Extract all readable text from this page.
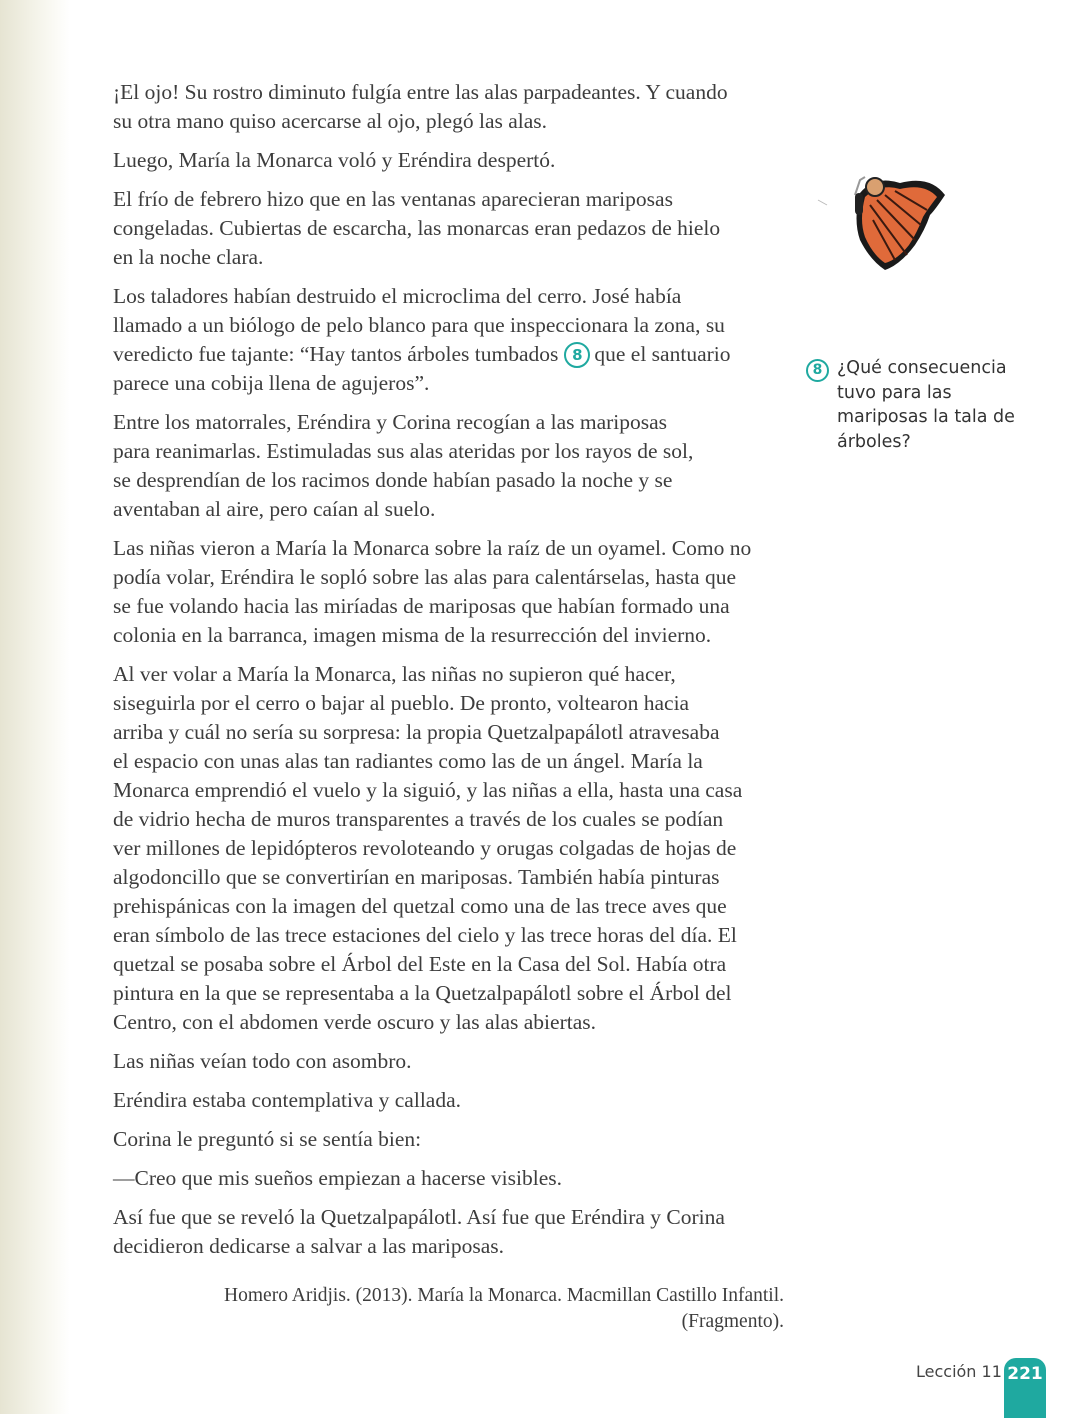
¡El ojo! Su rostro diminuto fulgía entre las alas parpadeantes. Y cuando
su otra mano quiso acercarse al ojo, plegó las alas.
Luego, María la Monarca voló y Eréndira despertó.
El frío de febrero hizo que en las ventanas aparecieran mariposas
congeladas. Cubiertas de escarcha, las monarcas eran pedazos de hielo
en la noche clara.
Los taladores habían destruido el microclima del cerro. José había
llamado a un biólogo de pelo blanco para que inspeccionara la zona, su
veredicto fue tajante: “Hay tantos árboles tumbados 8 que el santuario
parece una cobija llena de agujeros”.
Entre los matorrales, Eréndira y Corina recogían a las mariposas
para reanimarlas. Estimuladas sus alas ateridas por los rayos de sol,
se desprendían de los racimos donde habían pasado la noche y se
aventaban al aire, pero caían al suelo.
Las niñas vieron a María la Monarca sobre la raíz de un oyamel. Como no
podía volar, Eréndira le sopló sobre las alas para calentárselas, hasta que
se fue volando hacia las miríadas de mariposas que habían formado una
colonia en la barranca, imagen misma de la resurrección del invierno.
Al ver volar a María la Monarca, las niñas no supieron qué hacer,
siseguirla por el cerro o bajar al pueblo. De pronto, voltearon hacia
arriba y cuál no sería su sorpresa: la propia Quetzalpapálotl atravesaba
el espacio con unas alas tan radiantes como las de un ángel. María la
Monarca emprendió el vuelo y la siguió, y las niñas a ella, hasta una casa
de vidrio hecha de muros transparentes a través de los cuales se podían
ver millones de lepidópteros revoloteando y orugas colgadas de hojas de
algodoncillo que se convertirían en mariposas. También había pinturas
prehispánicas con la imagen del quetzal como una de las trece aves que
eran símbolo de las trece estaciones del cielo y las trece horas del día. El
quetzal se posaba sobre el Árbol del Este en la Casa del Sol. Había otra
pintura en la que se representaba a la Quetzalpapálotl sobre el Árbol del
Centro, con el abdomen verde oscuro y las alas abiertas.
Las niñas veían todo con asombro.
Eréndira estaba contemplativa y callada.
Corina le preguntó si se sentía bien:
—Creo que mis sueños empiezan a hacerse visibles.
Así fue que se reveló la Quetzalpapálotl. Así fue que Eréndira y Corina
decidieron dedicarse a salvar a las mariposas.
8 ¿Qué consecuencia tuvo para las mariposas la tala de árboles?
Homero Aridjis. (2013). María la Monarca. Macmillan Castillo Infantil.
(Fragmento).
Lección 11 221
